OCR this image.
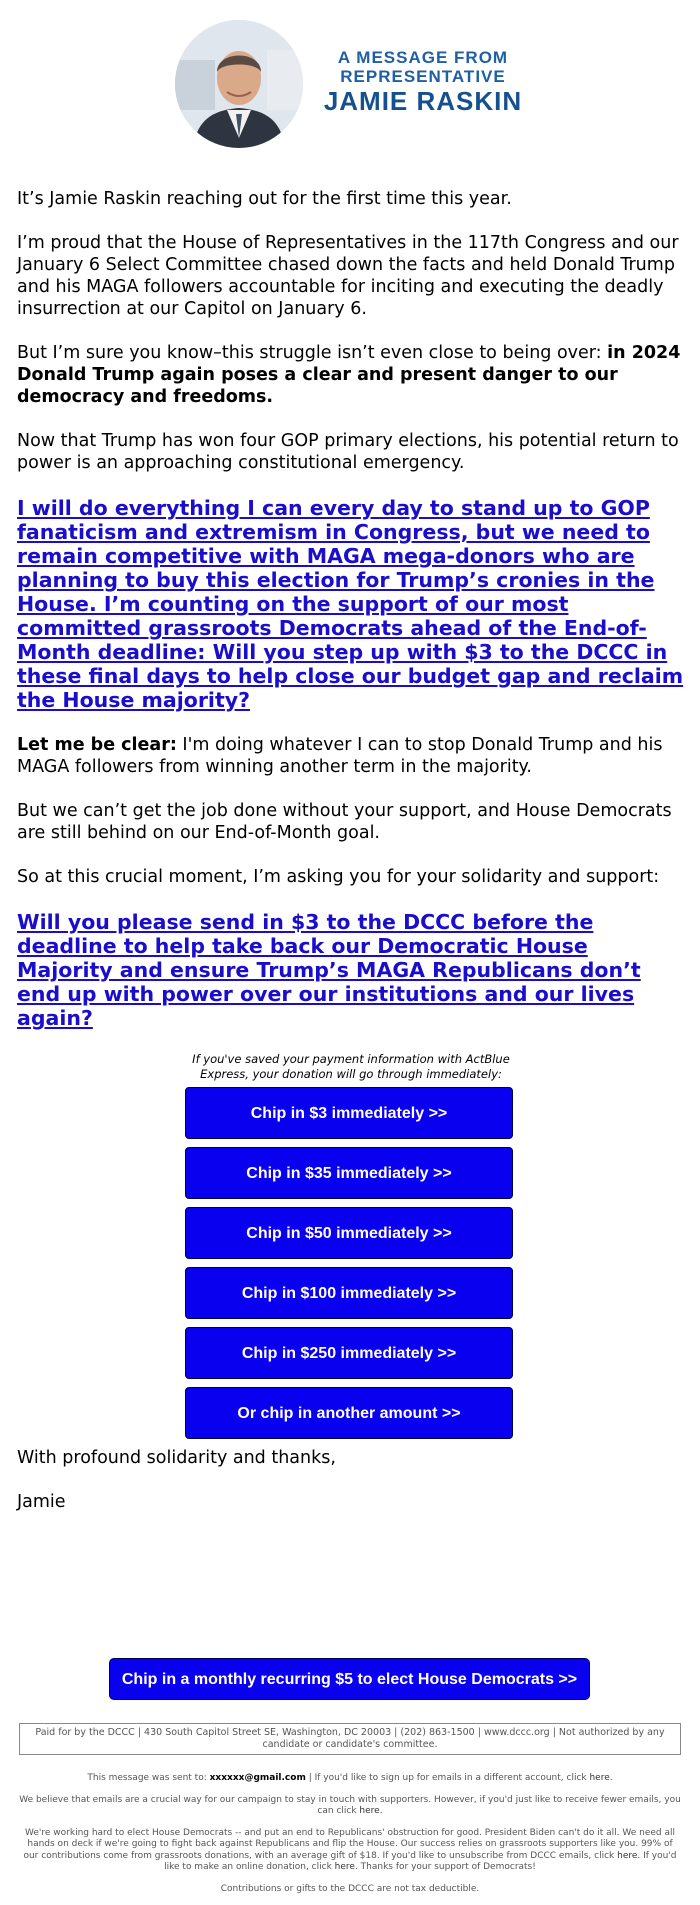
A MESSAGE FROM
REPRESENTATIVE
JAMIE RASKIN

It’s Jamie Raskin reaching out for the first time this year.

I’m proud that the House of Representatives in the 117th Congress and our January 6 Select Committee chased down the facts and held Donald Trump and his MAGA followers accountable for inciting and executing the deadly insurrection at our Capitol on January 6.

But I’m sure you know–this struggle isn’t even close to being over: in 2024 Donald Trump again poses a clear and present danger to our democracy and freedoms.

Now that Trump has won four GOP primary elections, his potential return to power is an approaching constitutional emergency.

I will do everything I can every day to stand up to GOP fanaticism and extremism in Congress, but we need to remain competitive with MAGA mega-donors who are planning to buy this election for Trump’s cronies in the House. I’m counting on the support of our most committed grassroots Democrats ahead of the End-of-Month deadline: Will you step up with $3 to the DCCC in these final days to help close our budget gap and reclaim the House majority?

Let me be clear: I'm doing whatever I can to stop Donald Trump and his MAGA followers from winning another term in the majority.

But we can’t get the job done without your support, and House Democrats are still behind on our End-of-Month goal.

So at this crucial moment, I’m asking you for your solidarity and support:

Will you please send in $3 to the DCCC before the deadline to help take back our Democratic House Majority and ensure Trump’s MAGA Republicans don’t end up with power over our institutions and our lives again?

If you've saved your payment information with ActBlue Express, your donation will go through immediately:
Chip in $3 immediately >>
Chip in $35 immediately >>
Chip in $50 immediately >>
Chip in $100 immediately >>
Chip in $250 immediately >>
Or chip in another amount >>

With profound solidarity and thanks,

Jamie

Chip in a monthly recurring $5 to elect House Democrats >>
Paid for by the DCCC | 430 South Capitol Street SE, Washington, DC 20003 | (202) 863-1500 | www.dccc.org | Not authorized by any candidate or candidate's committee.

This message was sent to: xxxxxx@gmail.com | If you'd like to sign up for emails in a different account, click here.

We believe that emails are a crucial way for our campaign to stay in touch with supporters. However, if you'd just like to receive fewer emails, you can click here.

We're working hard to elect House Democrats -- and put an end to Republicans' obstruction for good. President Biden can't do it all. We need all hands on deck if we're going to fight back against Republicans and flip the House. Our success relies on grassroots supporters like you. 99% of our contributions come from grassroots donations, with an average gift of $18. If you'd like to unsubscribe from DCCC emails, click here. If you'd like to make an online donation, click here. Thanks for your support of Democrats!

Contributions or gifts to the DCCC are not tax deductible.
